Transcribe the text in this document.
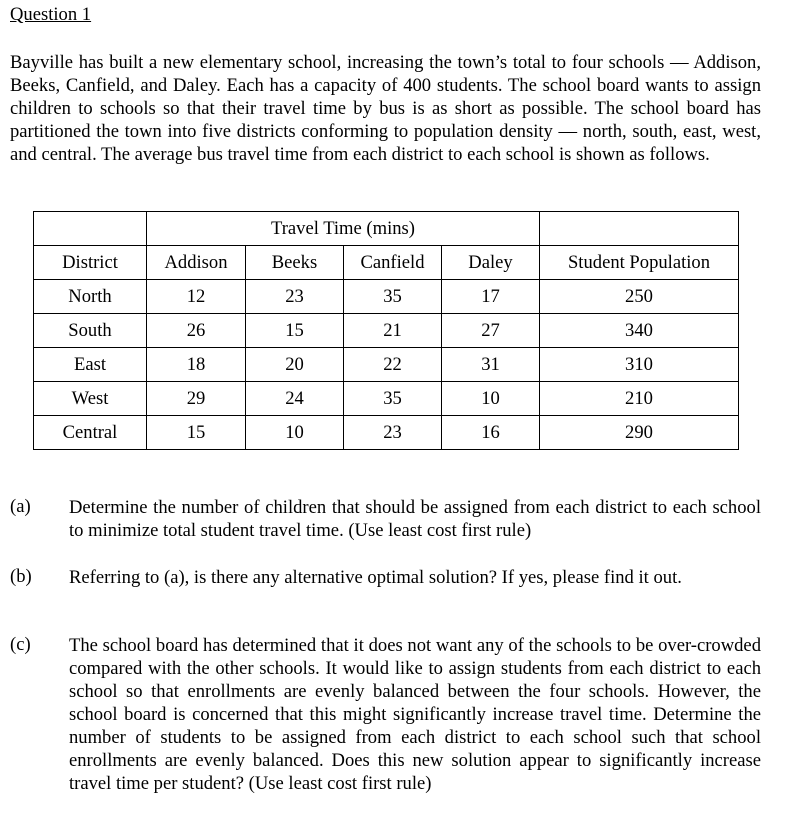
Question 1

Bayville has built a new elementary school, increasing the town’s total to four schools — Addison, Beeks, Canfield, and Daley. Each has a capacity of 400 students. The school board wants to assign children to schools so that their travel time by bus is as short as possible. The school board has partitioned the town into five districts conforming to population density — north, south, east, west, and central. The average bus travel time from each district to each school is shown as follows.

	Travel Time (mins)				
District	Addison	Beeks	Canfield	Daley	Student Population
North	12	23	35	17	250
South	26	15	21	27	340
East	18	20	22	31	310
West	29	24	35	10	210
Central	15	10	23	16	290
(a) Determine the number of children that should be assigned from each district to each school to minimize total student travel time. (Use least cost first rule)

(b) Referring to (a), is there any alternative optimal solution? If yes, please find it out.

(c) The school board has determined that it does not want any of the schools to be over-crowded compared with the other schools. It would like to assign students from each district to each school so that enrollments are evenly balanced between the four schools. However, the school board is concerned that this might significantly increase travel time. Determine the number of students to be assigned from each district to each school such that school enrollments are evenly balanced. Does this new solution appear to significantly increase travel time per student? (Use least cost first rule)
